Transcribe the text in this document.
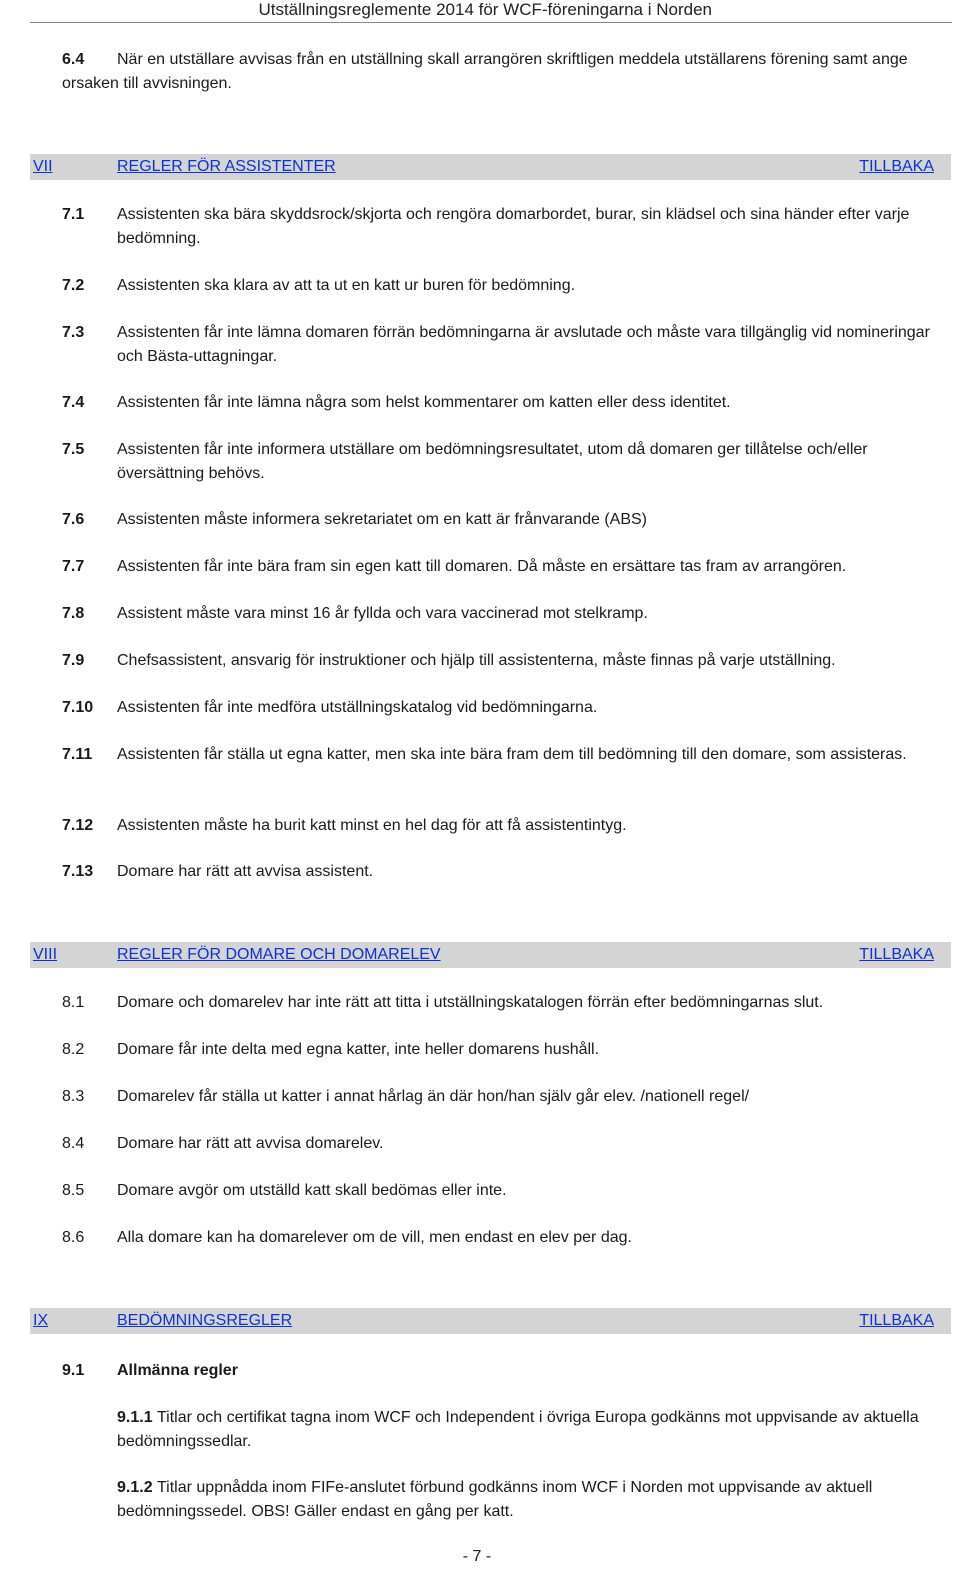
Utställningsreglemente 2014 för WCF-föreningarna i Norden
6.4	När en utställare avvisas från en utställning skall arrangören skriftligen meddela utställarens förening samt ange orsaken till avvisningen.
VII	REGLER FÖR ASSISTENTER	TILLBAKA
7.1 Assistenten ska bära skyddsrock/skjorta och rengöra domarbordet, burar, sin klädsel och sina händer efter varje bedömning.
7.2 Assistenten ska klara av att ta ut en katt ur buren för bedömning.
7.3 Assistenten får inte lämna domaren förrän bedömningarna är avslutade och måste vara tillgänglig vid nomineringar och Bästa-uttagningar.
7.4 Assistenten får inte lämna några som helst kommentarer om katten eller dess identitet.
7.5 Assistenten får inte informera utställare om bedömningsresultatet, utom då domaren ger tillåtelse och/eller översättning behövs.
7.6 Assistenten måste informera sekretariatet om en katt är frånvarande (ABS)
7.7 Assistenten får inte bära fram sin egen katt till domaren. Då måste en ersättare tas fram av arrangören.
7.8 Assistent måste vara minst 16 år fyllda och vara vaccinerad mot stelkramp.
7.9 Chefsassistent, ansvarig för instruktioner och hjälp till assistenterna, måste finnas på varje utställning.
7.10 Assistenten får inte medföra utställningskatalog vid bedömningarna.
7.11 Assistenten får ställa ut egna katter, men ska inte bära fram dem till bedömning till den domare, som assisteras.
7.12 Assistenten måste ha burit katt minst en hel dag för att få assistentintyg.
7.13 Domare har rätt att avvisa assistent.
VIII	REGLER FÖR DOMARE OCH DOMARELEV	TILLBAKA
8.1 Domare och domarelev har inte rätt att titta i utställningskatalogen förrän efter bedömningarnas slut.
8.2 Domare får inte delta med egna katter, inte heller domarens hushåll.
8.3 Domarelev får ställa ut katter i annat hårlag än där hon/han själv går elev. /nationell regel/
8.4 Domare har rätt att avvisa domarelev.
8.5 Domare avgör om utställd katt skall bedömas eller inte.
8.6 Alla domare kan ha domarelever om de vill, men endast en elev per dag.
IX	BEDÖMNINGSREGLER	TILLBAKA
9.1 Allmänna regler
9.1.1 Titlar och certifikat tagna inom WCF och Independent i övriga Europa godkänns mot uppvisande av aktuella bedömningssedlar.
9.1.2 Titlar uppnådda inom FIFe-anslutet förbund godkänns inom WCF i Norden mot uppvisande av aktuell bedömningssedel. OBS! Gäller endast en gång per katt.
- 7 -
